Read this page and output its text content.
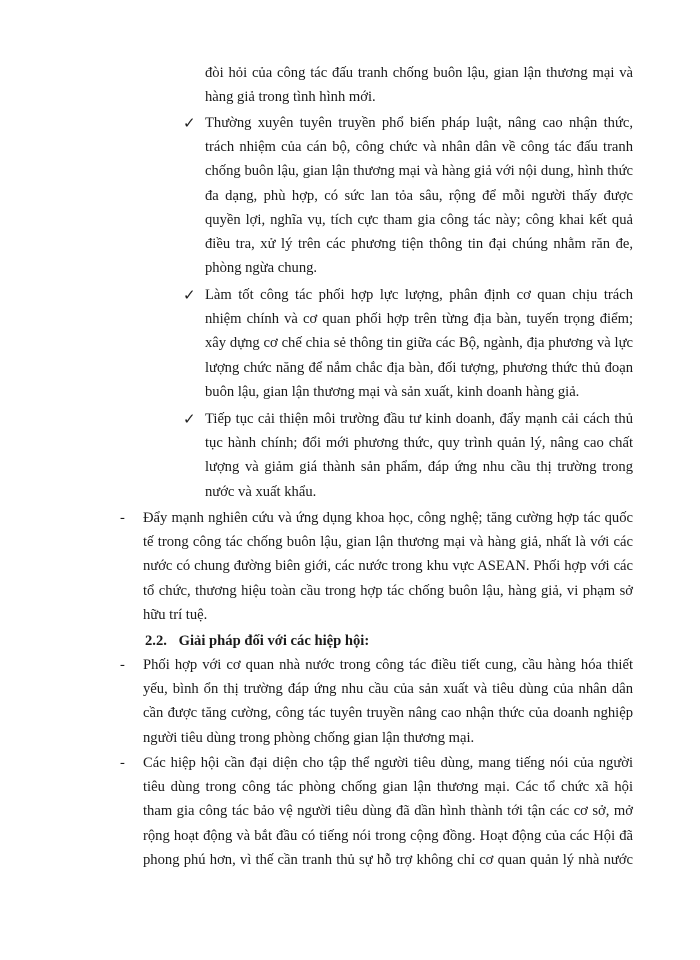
đòi hỏi của công tác đấu tranh chống buôn lậu, gian lận thương mại và hàng giả trong tình hình mới.
✓ Thường xuyên tuyên truyền phổ biến pháp luật, nâng cao nhận thức, trách nhiệm của cán bộ, công chức và nhân dân về công tác đấu tranh chống buôn lậu, gian lận thương mại và hàng giả với nội dung, hình thức đa dạng, phù hợp, có sức lan tỏa sâu, rộng để mỗi người thấy được quyền lợi, nghĩa vụ, tích cực tham gia công tác này; công khai kết quả điều tra, xử lý trên các phương tiện thông tin đại chúng nhằm răn đe, phòng ngừa chung.
✓ Làm tốt công tác phối hợp lực lượng, phân định cơ quan chịu trách nhiệm chính và cơ quan phối hợp trên từng địa bàn, tuyến trọng điểm; xây dựng cơ chế chia sẻ thông tin giữa các Bộ, ngành, địa phương và lực lượng chức năng để nắm chắc địa bàn, đối tượng, phương thức thủ đoạn buôn lậu, gian lận thương mại và sản xuất, kinh doanh hàng giả.
✓ Tiếp tục cải thiện môi trường đầu tư kinh doanh, đẩy mạnh cải cách thủ tục hành chính; đổi mới phương thức, quy trình quản lý, nâng cao chất lượng và giảm giá thành sản phẩm, đáp ứng nhu cầu thị trường trong nước và xuất khẩu.
- Đẩy mạnh nghiên cứu và ứng dụng khoa học, công nghệ; tăng cường hợp tác quốc tế trong công tác chống buôn lậu, gian lận thương mại và hàng giả, nhất là với các nước có chung đường biên giới, các nước trong khu vực ASEAN. Phối hợp với các tổ chức, thương hiệu toàn cầu trong hợp tác chống buôn lậu, hàng giả, vi phạm sở hữu trí tuệ.
2.2. Giải pháp đối với các hiệp hội:
- Phối hợp với cơ quan nhà nước trong công tác điều tiết cung, cầu hàng hóa thiết yếu, bình ổn thị trường đáp ứng nhu cầu của sản xuất và tiêu dùng của nhân dân cần được tăng cường, công tác tuyên truyền nâng cao nhận thức của doanh nghiệp người tiêu dùng trong phòng chống gian lận thương mại.
- Các hiệp hội cần đại diện cho tập thể người tiêu dùng, mang tiếng nói của người tiêu dùng trong công tác phòng chống gian lận thương mại. Các tổ chức xã hội tham gia công tác bảo vệ người tiêu dùng đã dần hình thành tới tận các cơ sở, mở rộng hoạt động và bắt đầu có tiếng nói trong cộng đồng. Hoạt động của các Hội đã phong phú hơn, vì thế cần tranh thủ sự hỗ trợ không chỉ cơ quan quản lý nhà nước
